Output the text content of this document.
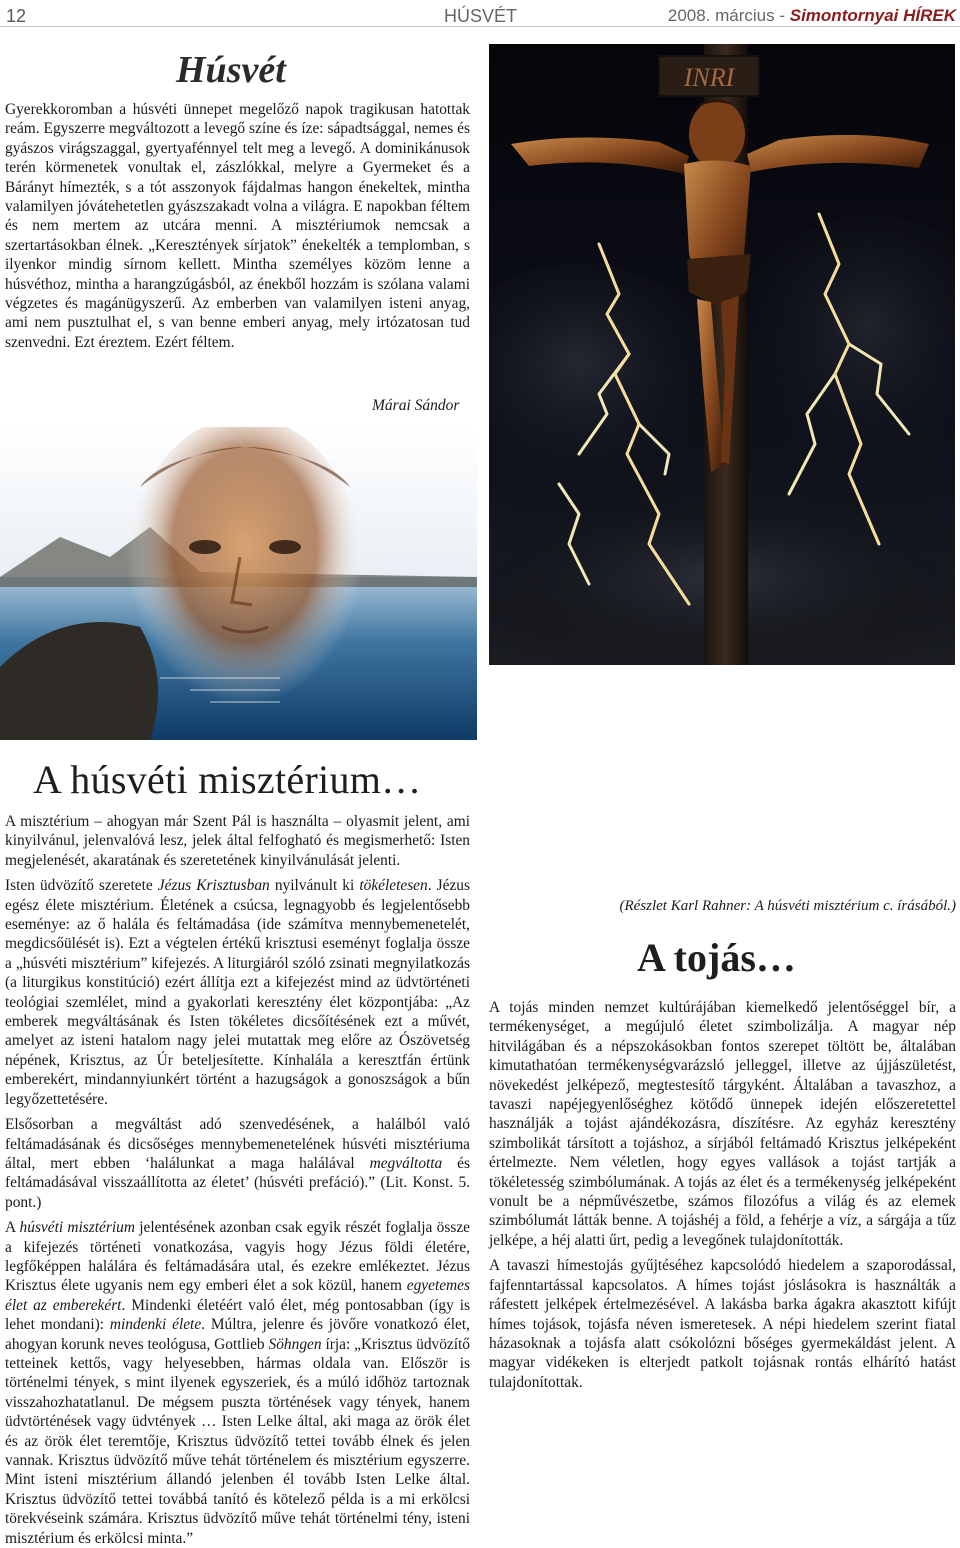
12	HÚSVÉT	2008. március - Simontornyai HÍREK
Húsvét

Gyerekkoromban a húsvéti ünnepet megelőző napok tragikusan hatottak reám. Egyszerre megváltozott a levegő színe és íze: sápadtsággal, nemes és gyászos virágszaggal, gyertyafénnyel telt meg a levegő. A dominikánusok terén körmenetek vonultak el, zászlókkal, melyre a Gyermeket és a Bárányt hímezték, s a tót asszonyok fájdalmas hangon énekeltek, mintha valamilyen jóvátehetetlen gyászszakadt volna a világra. E napokban féltem és nem mertem az utcára menni. A misztériumok nemcsak a szertartásokban élnek. „Keresztények sírjatok” énekelték a templomban, s ilyenkor mindig sírnom kellett. Mintha személyes közöm lenne a húsvéthoz, mintha a harangzúgásból, az énekből hozzám is szólana valami végzetes és magánügyszerű. Az emberben van valamilyen isteni anyag, ami nem pusztulhat el, s van benne emberi anyag, mely irtózatosan tud szenvedni. Ezt éreztem. Ezért féltem.

Márai Sándor
INRI
A húsvéti misztérium…

A misztérium – ahogyan már Szent Pál is használta – olyasmit jelent, ami kinyilvánul, jelenvalóvá lesz, jelek által felfogható és megismerhető: Isten megjelenését, akaratának és szeretetének kinyilvánulását jelenti.

Isten üdvözítő szeretete Jézus Krisztusban nyilvánult ki tökéletesen. Jézus egész élete misztérium. Életének a csúcsa, legnagyobb és legjelentősebb eseménye: az ő halála és feltámadása (ide számítva mennybemenetelét, megdicsőülését is). Ezt a végtelen értékű krisztusi eseményt foglalja össze a „húsvéti misztérium” kifejezés. A liturgiáról szóló zsinati megnyilatkozás (a liturgikus konstitúció) ezért állítja ezt a kifejezést mind az üdvtörténeti teológiai szemlélet, mind a gyakorlati keresztény élet központjába: „Az emberek megváltásának és Isten tökéletes dicsőítésének ezt a művét, amelyet az isteni hatalom nagy jelei mutattak meg előre az Ószövetség népének, Krisztus, az Úr beteljesítette. Kínhalála a keresztfán értünk emberekért, mindannyiunkért történt a hazugságok a gonoszságok a bűn legyőzettetésére.

Elsősorban a megváltást adó szenvedésének, a halálból való feltámadásának és dicsőséges mennybemenetelének húsvéti misztériuma által, mert ebben ‘halálunkat a maga halálával megváltotta és feltámadásával visszaállította az életet’ (húsvéti prefáció).” (Lit. Konst. 5. pont.)

A húsvéti misztérium jelentésének azonban csak egyik részét foglalja össze a kifejezés történeti vonatkozása, vagyis hogy Jézus földi életére, legfőképpen halálára és feltámadására utal, és ezekre emlékeztet. Jézus Krisztus élete ugyanis nem egy emberi élet a sok közül, hanem egyetemes élet az emberekért. Mindenki életéért való élet, még pontosabban (így is lehet mondani): mindenki élete. Múltra, jelenre és jövőre vonatkozó élet, ahogyan korunk neves teológusa, Gottlieb Söhngen írja: „Krisztus üdvözítő tetteinek kettős, vagy helyesebben, hármas oldala van. Először is történelmi tények, s mint ilyenek egyszeriek, és a múló időhöz tartoznak visszahozhatatlanul. De mégsem puszta történések vagy tények, hanem üdvtörténések vagy üdvtények … Isten Lelke által, aki maga az örök élet és az örök élet teremtője, Krisztus üdvözítő tettei tovább élnek és jelen vannak. Krisztus üdvözítő műve tehát történelem és misztérium egyszerre. Mint isteni misztérium állandó jelenben él tovább Isten Lelke által. Krisztus üdvözítő tettei továbbá tanító és kötelező példa is a mi erkölcsi törekvéseink számára. Krisztus üdvözítő műve tehát történelmi tény, isteni misztérium és erkölcsi minta.”

(Részlet Karl Rahner: A húsvéti misztérium c. írásából.)
A tojás…

A tojás minden nemzet kultúrájában kiemelkedő jelentőséggel bír, a termékenységet, a megújuló életet szimbolizálja. A magyar nép hitvilágában és a népszokásokban fontos szerepet töltött be, általában kimutathatóan termékenységvarázsló jelleggel, illetve az újjászületést, növekedést jelképező, megtestesítő tárgyként. Általában a tavaszhoz, a tavaszi napéjegyenlőséghez kötődő ünnepek idején előszeretettel használják a tojást ajándékozásra, díszítésre. Az egyház keresztény szimbolikát társított a tojáshoz, a sírjából feltámadó Krisztus jelképeként értelmezte. Nem véletlen, hogy egyes vallások a tojást tartják a tökéletesség szimbólumának. A tojás az élet és a termékenység jelképeként vonult be a népművészetbe, számos filozófus a világ és az elemek szimbólumát látták benne. A tojáshéj a föld, a fehérje a víz, a sárgája a tűz jelképe, a héj alatti űrt, pedig a levegőnek tulajdonították.

A tavaszi hímestojás gyűjtéséhez kapcsolódó hiedelem a szaporodással, fajfenntartással kapcsolatos. A hímes tojást jóslásokra is használták a ráfestett jelképek értelmezésével. A lakásba barka ágakra akasztott kifújt hímes tojások, tojásfa néven ismeretesek. A népi hiedelem szerint fiatal házasoknak a tojásfa alatt csókolózni bőséges gyermekáldást jelent. A magyar vidékeken is elterjedt patkolt tojásnak rontás elhárító hatást tulajdonítottak.
